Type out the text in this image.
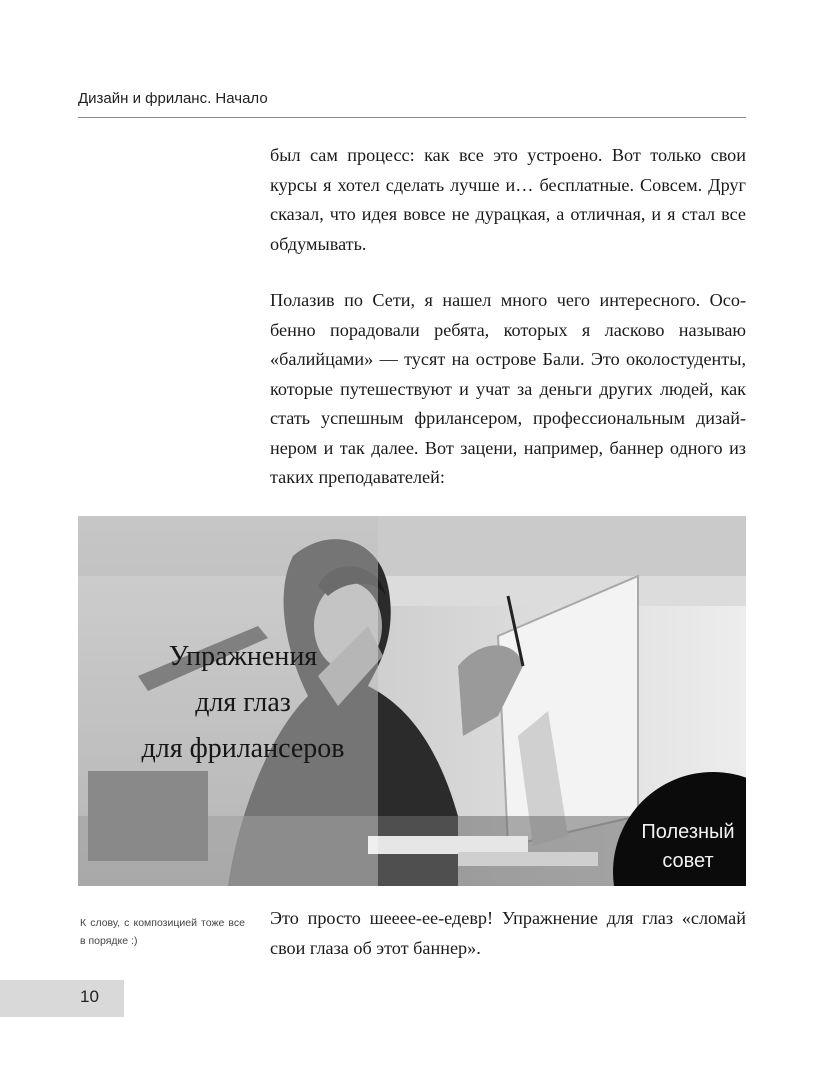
Дизайн и фриланс. Начало

был сам процесс: как все это устроено. Вот только свои курсы я хотел сделать лучше и… бесплатные. Совсем. Друг сказал, что идея вовсе не дурацкая, а отличная, и я стал все обдумывать.

Полазив по Сети, я нашел много чего интересного. Особенно порадовали ребята, которых я ласково называю «балийцами» — тусят на острове Бали. Это околостуденты, которые путешествуют и учат за деньги других людей, как стать успешным фрилансером, профессиональным дизайнером и так далее. Вот зацени, например, баннер одного из таких преподавателей:

Упражнения
для глаз
для фрилансеров
Полезный
совет

К слову, с композицией тоже все в порядке :)

Это просто шееее-ее-едевр! Упражнение для глаз «сломай свои глаза об этот баннер».

10
